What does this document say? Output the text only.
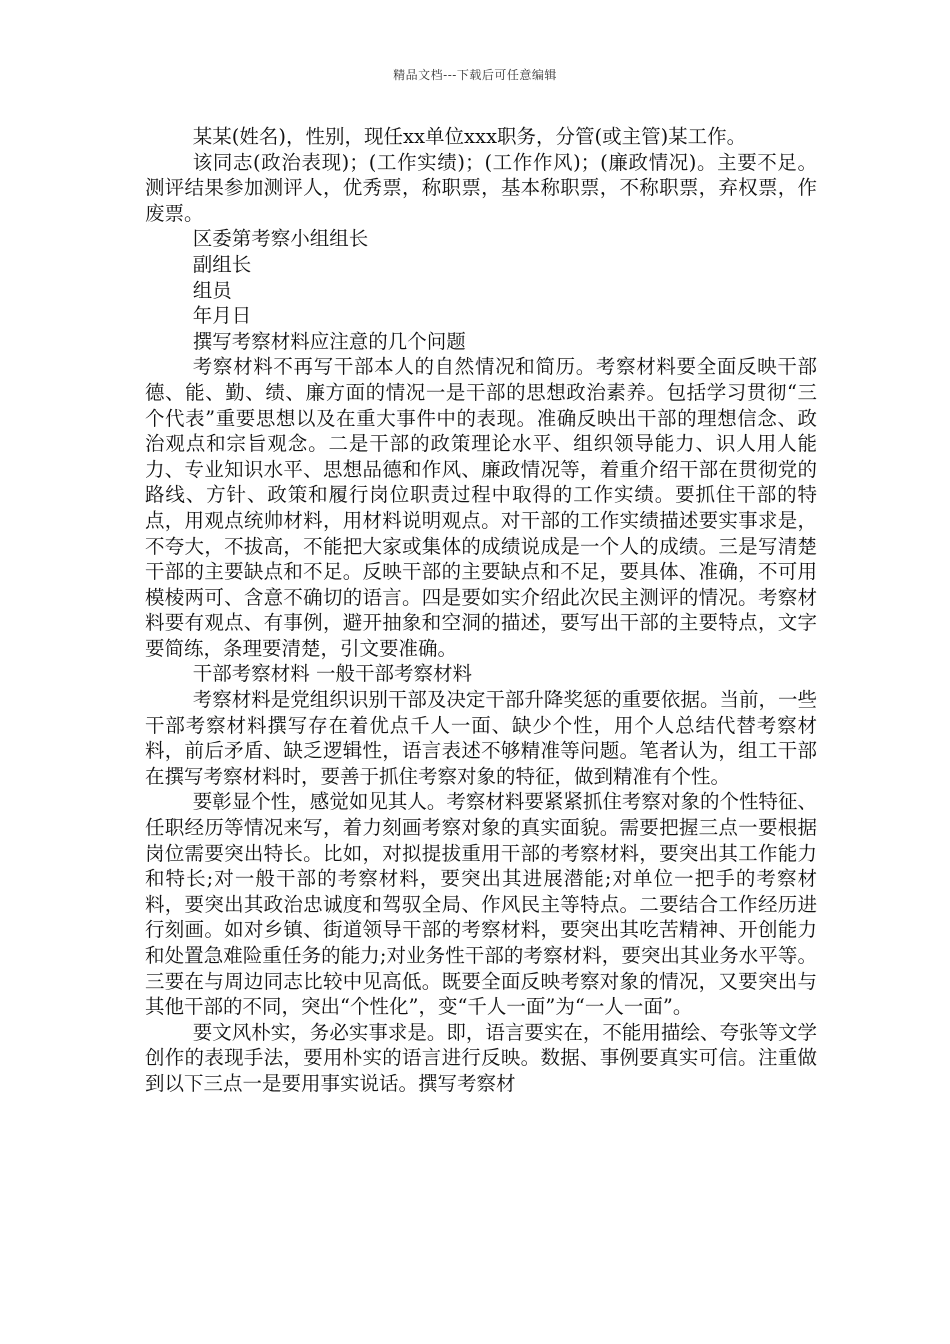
精品文档---下载后可任意编辑

某某(姓名)，性别，现任xx单位xxx职务，分管(或主管)某工作。

该同志(政治表现)；(工作实绩)；(工作作风)；(廉政情况)。主要不足。 测评结果参加测评人，优秀票，称职票，基本称职票，不称职票，弃权票，作废票。

区委第考察小组组长

副组长

组员

年月日

撰写考察材料应注意的几个问题

考察材料不再写干部本人的自然情况和简历。考察材料要全面反映干部德、能、勤、绩、廉方面的情况一是干部的思想政治素养。包括学习贯彻“三个代表”重要思想以及在重大事件中的表现。准确反映出干部的理想信念、政治观点和宗旨观念。二是干部的政策理论水平、组织领导能力、识人用人能力、专业知识水平、思想品德和作风、廉政情况等，着重介绍干部在贯彻党的路线、方针、政策和履行岗位职责过程中取得的工作实绩。要抓住干部的特点，用观点统帅材料，用材料说明观点。对干部的工作实绩描述要实事求是，不夸大，不拔高，不能把大家或集体的成绩说成是一个人的成绩。三是写清楚干部的主要缺点和不足。反映干部的主要缺点和不足，要具体、准确，不可用模棱两可、含意不确切的语言。四是要如实介绍此次民主测评的情况。考察材料要有观点、有事例，避开抽象和空洞的描述，要写出干部的主要特点，文字要简练，条理要清楚，引文要准确。

干部考察材料 一般干部考察材料

考察材料是党组织识别干部及决定干部升降奖惩的重要依据。当前，一些干部考察材料撰写存在着优点千人一面、缺少个性，用个人总结代替考察材料，前后矛盾、缺乏逻辑性，语言表述不够精准等问题。笔者认为，组工干部在撰写考察材料时，要善于抓住考察对象的特征，做到精准有个性。

要彰显个性，感觉如见其人。考察材料要紧紧抓住考察对象的个性特征、任职经历等情况来写，着力刻画考察对象的真实面貌。需要把握三点一要根据岗位需要突出特长。比如，对拟提拔重用干部的考察材料，要突出其工作能力和特长;对一般干部的考察材料，要突出其进展潜能;对单位一把手的考察材料，要突出其政治忠诚度和驾驭全局、作风民主等特点。二要结合工作经历进行刻画。如对乡镇、街道领导干部的考察材料，要突出其吃苦精神、开创能力和处置急难险重任务的能力;对业务性干部的考察材料，要突出其业务水平等。三要在与周边同志比较中见高低。既要全面反映考察对象的情况，又要突出与其他干部的不同，突出“个性化”，变“千人一面”为“一人一面”。

要文风朴实，务必实事求是。即，语言要实在，不能用描绘、夸张等文学创作的表现手法，要用朴实的语言进行反映。数据、事例要真实可信。注重做到以下三点一是要用事实说话。撰写考察材
